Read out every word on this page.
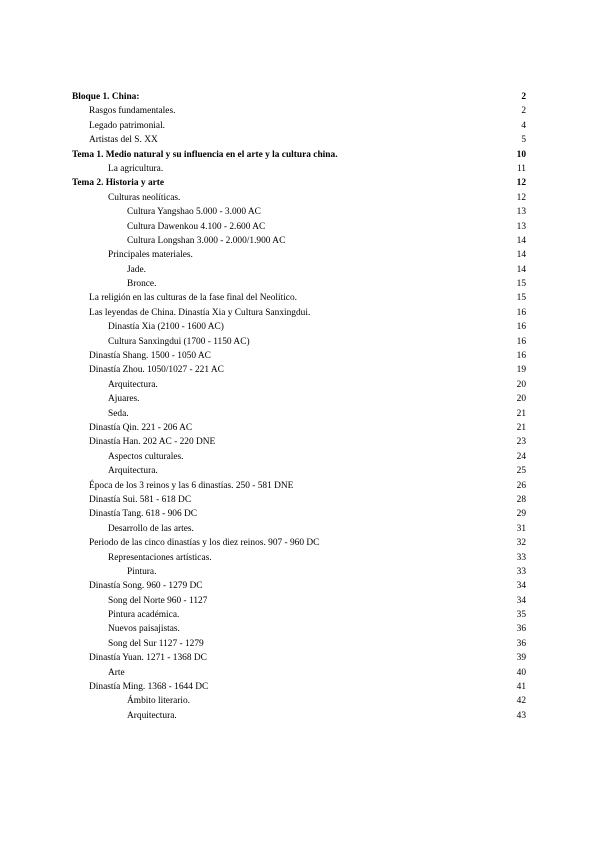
Bloque 1. China:	2
Rasgos fundamentales.	2
Legado patrimonial.	4
Artistas del S. XX	5
Tema 1. Medio natural y su influencia en el arte y la cultura china.	10
La agricultura.	11
Tema 2. Historia y arte	12
Culturas neolíticas.	12
Cultura Yangshao 5.000 - 3.000 AC	13
Cultura Dawenkou 4.100 - 2.600 AC	13
Cultura Longshan 3.000 - 2.000/1.900 AC	14
Principales materiales.	14
Jade.	14
Bronce.	15
La religión en las culturas de la fase final del Neolítico.	15
Las leyendas de China. Dinastía Xia y Cultura Sanxingdui.	16
Dinastía Xia (2100 - 1600 AC)	16
Cultura Sanxingdui (1700 - 1150 AC)	16
Dinastía Shang. 1500 - 1050 AC	16
Dinastía Zhou. 1050/1027 - 221 AC	19
Arquitectura.	20
Ajuares.	20
Seda.	21
Dinastía Qin. 221 - 206 AC	21
Dinastía Han. 202 AC - 220 DNE	23
Aspectos culturales.	24
Arquitectura.	25
Época de los 3 reinos y las 6 dinastías. 250 - 581 DNE	26
Dinastía Sui. 581 - 618 DC	28
Dinastía Tang. 618 - 906 DC	29
Desarrollo de las artes.	31
Periodo de las cinco dinastías y los diez reinos. 907 - 960 DC	32
Representaciones artísticas.	33
Pintura.	33
Dinastía Song. 960 - 1279 DC	34
Song del Norte 960 - 1127	34
Pintura académica.	35
Nuevos paisajistas.	36
Song del Sur 1127 - 1279	36
Dinastía Yuan. 1271 - 1368 DC	39
Arte	40
Dinastía Ming. 1368 - 1644 DC	41
Ámbito literario.	42
Arquitectura.	43
